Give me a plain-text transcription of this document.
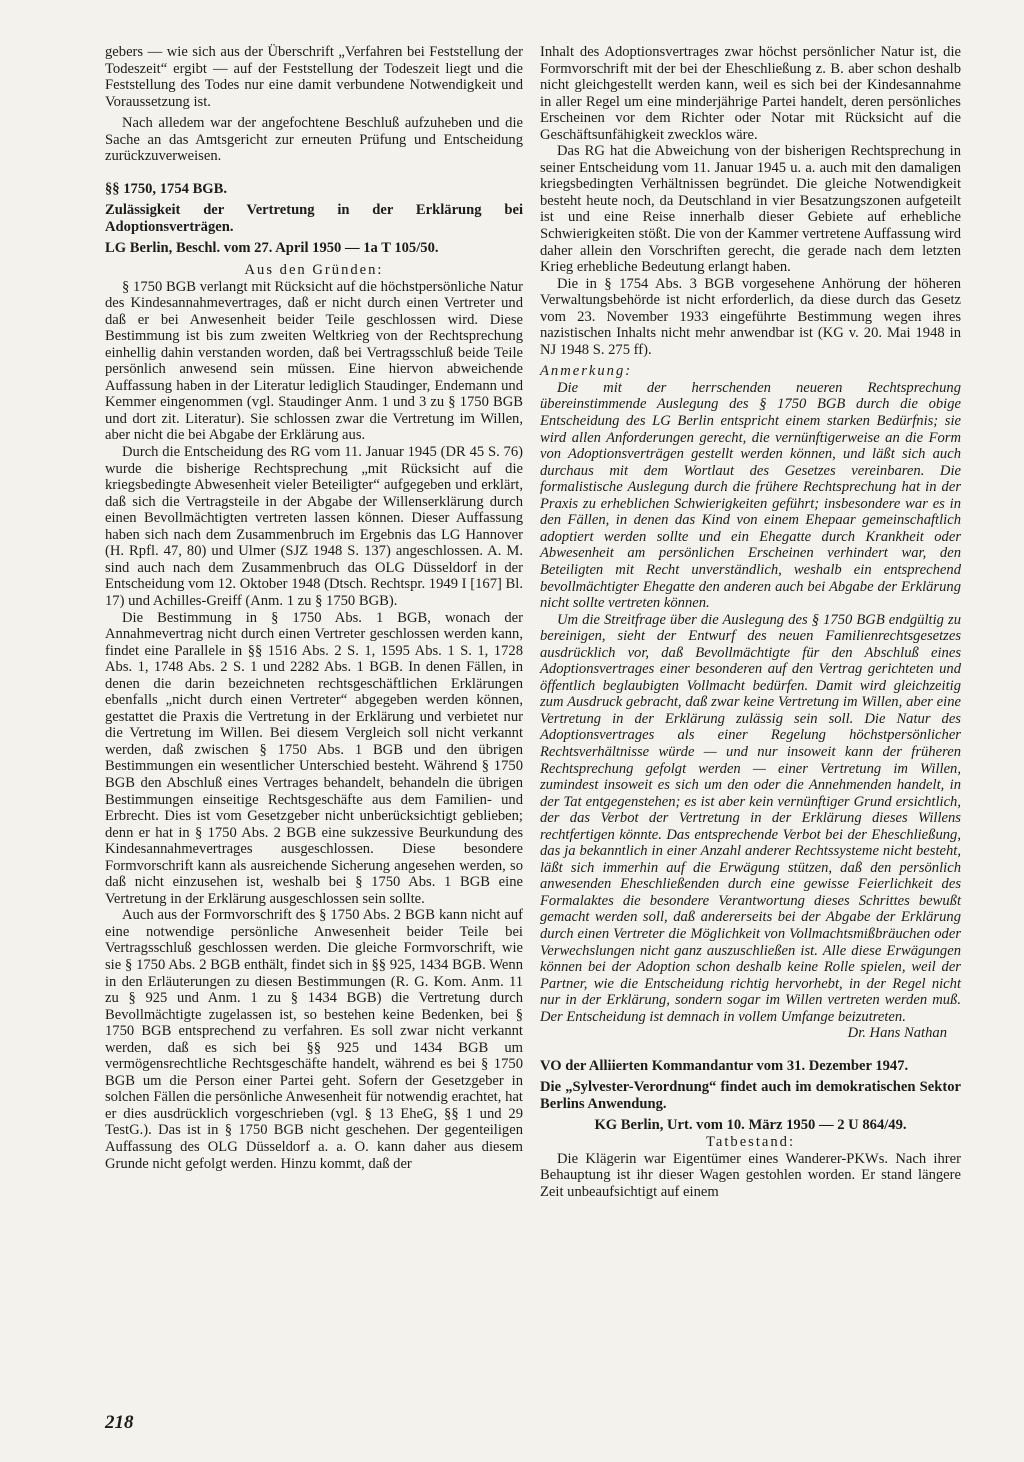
gebers — wie sich aus der Überschrift „Verfahren bei Feststellung der Todeszeit“ ergibt — auf der Feststellung der Todeszeit liegt und die Feststellung des Todes nur eine damit verbundene Notwendigkeit und Voraussetzung ist.

Nach alledem war der angefochtene Beschluß aufzuheben und die Sache an das Amtsgericht zur erneuten Prüfung und Entscheidung zurückzuverweisen.

§§ 1750, 1754 BGB.

Zulässigkeit der Vertretung in der Erklärung bei Adoptionsverträgen.

LG Berlin, Beschl. vom 27. April 1950 — 1a T 105/50.

Aus den Gründen:

§ 1750 BGB verlangt mit Rücksicht auf die höchstpersönliche Natur des Kindesannahmevertrages, daß er nicht durch einen Vertreter und daß er bei Anwesenheit beider Teile geschlossen wird. Diese Bestimmung ist bis zum zweiten Weltkrieg von der Rechtsprechung einhellig dahin verstanden worden, daß bei Vertragsschluß beide Teile persönlich anwesend sein müssen. Eine hiervon abweichende Auffassung haben in der Literatur lediglich Staudinger, Endemann und Kemmer eingenommen (vgl. Staudinger Anm. 1 und 3 zu § 1750 BGB und dort zit. Literatur). Sie schlossen zwar die Vertretung im Willen, aber nicht die bei Abgabe der Erklärung aus.

Durch die Entscheidung des RG vom 11. Januar 1945 (DR 45 S. 76) wurde die bisherige Rechtsprechung „mit Rücksicht auf die kriegsbedingte Abwesenheit vieler Beteiligter“ aufgegeben und erklärt, daß sich die Vertragsteile in der Abgabe der Willenserklärung durch einen Bevollmächtigten vertreten lassen können. Dieser Auffassung haben sich nach dem Zusammenbruch im Ergebnis das LG Hannover (H. Rpfl. 47, 80) und Ulmer (SJZ 1948 S. 137) angeschlossen. A. M. sind auch nach dem Zusammenbruch das OLG Düsseldorf in der Entscheidung vom 12. Oktober 1948 (Dtsch. Rechtspr. 1949 I [167] Bl. 17) und Achilles-Greiff (Anm. 1 zu § 1750 BGB).

Die Bestimmung in § 1750 Abs. 1 BGB, wonach der Annahmevertrag nicht durch einen Vertreter geschlossen werden kann, findet eine Parallele in §§ 1516 Abs. 2 S. 1, 1595 Abs. 1 S. 1, 1728 Abs. 1, 1748 Abs. 2 S. 1 und 2282 Abs. 1 BGB. In denen Fällen, in denen die darin bezeichneten rechtsgeschäftlichen Erklärungen ebenfalls „nicht durch einen Vertreter“ abgegeben werden können, gestattet die Praxis die Vertretung in der Erklärung und verbietet nur die Vertretung im Willen. Bei diesem Vergleich soll nicht verkannt werden, daß zwischen § 1750 Abs. 1 BGB und den übrigen Bestimmungen ein wesentlicher Unterschied besteht. Während § 1750 BGB den Abschluß eines Vertrages behandelt, behandeln die übrigen Bestimmungen einseitige Rechtsgeschäfte aus dem Familien- und Erbrecht. Dies ist vom Gesetzgeber nicht unberücksichtigt geblieben; denn er hat in § 1750 Abs. 2 BGB eine sukzessive Beurkundung des Kindesannahmevertrages ausgeschlossen. Diese besondere Formvorschrift kann als ausreichende Sicherung angesehen werden, so daß nicht einzusehen ist, weshalb bei § 1750 Abs. 1 BGB eine Vertretung in der Erklärung ausgeschlossen sein sollte.

Auch aus der Formvorschrift des § 1750 Abs. 2 BGB kann nicht auf eine notwendige persönliche Anwesenheit beider Teile bei Vertragsschluß geschlossen werden. Die gleiche Formvorschrift, wie sie § 1750 Abs. 2 BGB enthält, findet sich in §§ 925, 1434 BGB. Wenn in den Erläuterungen zu diesen Bestimmungen (R. G. Kom. Anm. 11 zu § 925 und Anm. 1 zu § 1434 BGB) die Vertretung durch Bevollmächtigte zugelassen ist, so bestehen keine Bedenken, bei § 1750 BGB entsprechend zu verfahren. Es soll zwar nicht verkannt werden, daß es sich bei §§ 925 und 1434 BGB um vermögensrechtliche Rechtsgeschäfte handelt, während es bei § 1750 BGB um die Person einer Partei geht. Sofern der Gesetzgeber in solchen Fällen die persönliche Anwesenheit für notwendig erachtet, hat er dies ausdrücklich vorgeschrieben (vgl. § 13 EheG, §§ 1 und 29 TestG.). Das ist in § 1750 BGB nicht geschehen. Der gegenteiligen Auffassung des OLG Düsseldorf a. a. O. kann daher aus diesem Grunde nicht gefolgt werden. Hinzu kommt, daß der

Inhalt des Adoptionsvertrages zwar höchst persönlicher Natur ist, die Formvorschrift mit der bei der Eheschließung z. B. aber schon deshalb nicht gleichgestellt werden kann, weil es sich bei der Kindesannahme in aller Regel um eine minderjährige Partei handelt, deren persönliches Erscheinen vor dem Richter oder Notar mit Rücksicht auf die Geschäftsunfähigkeit zwecklos wäre.

Das RG hat die Abweichung von der bisherigen Rechtsprechung in seiner Entscheidung vom 11. Januar 1945 u. a. auch mit den damaligen kriegsbedingten Verhältnissen begründet. Die gleiche Notwendigkeit besteht heute noch, da Deutschland in vier Besatzungszonen aufgeteilt ist und eine Reise innerhalb dieser Gebiete auf erhebliche Schwierigkeiten stößt. Die von der Kammer vertretene Auffassung wird daher allein den Vorschriften gerecht, die gerade nach dem letzten Krieg erhebliche Bedeutung erlangt haben.

Die in § 1754 Abs. 3 BGB vorgesehene Anhörung der höheren Verwaltungsbehörde ist nicht erforderlich, da diese durch das Gesetz vom 23. November 1933 eingeführte Bestimmung wegen ihres nazistischen Inhalts nicht mehr anwendbar ist (KG v. 20. Mai 1948 in NJ 1948 S. 275 ff).

Anmerkung:

Die mit der herrschenden neueren Rechtsprechung übereinstimmende Auslegung des § 1750 BGB durch die obige Entscheidung des LG Berlin entspricht einem starken Bedürfnis; sie wird allen Anforderungen gerecht, die vernünftigerweise an die Form von Adoptionsverträgen gestellt werden können, und läßt sich auch durchaus mit dem Wortlaut des Gesetzes vereinbaren. Die formalistische Auslegung durch die frühere Rechtsprechung hat in der Praxis zu erheblichen Schwierigkeiten geführt; insbesondere war es in den Fällen, in denen das Kind von einem Ehepaar gemeinschaftlich adoptiert werden sollte und ein Ehegatte durch Krankheit oder Abwesenheit am persönlichen Erscheinen verhindert war, den Beteiligten mit Recht unverständlich, weshalb ein entsprechend bevollmächtigter Ehegatte den anderen auch bei Abgabe der Erklärung nicht sollte vertreten können.

Um die Streitfrage über die Auslegung des § 1750 BGB endgültig zu bereinigen, sieht der Entwurf des neuen Familienrechtsgesetzes ausdrücklich vor, daß Bevollmächtigte für den Abschluß eines Adoptionsvertrages einer besonderen auf den Vertrag gerichteten und öffentlich beglaubigten Vollmacht bedürfen. Damit wird gleichzeitig zum Ausdruck gebracht, daß zwar keine Vertretung im Willen, aber eine Vertretung in der Erklärung zulässig sein soll. Die Natur des Adoptionsvertrages als einer Regelung höchstpersönlicher Rechtsverhältnisse würde — und nur insoweit kann der früheren Rechtsprechung gefolgt werden — einer Vertretung im Willen, zumindest insoweit es sich um den oder die Annehmenden handelt, in der Tat entgegenstehen; es ist aber kein vernünftiger Grund ersichtlich, der das Verbot der Vertretung in der Erklärung dieses Willens rechtfertigen könnte. Das entsprechende Verbot bei der Eheschließung, das ja bekanntlich in einer Anzahl anderer Rechtssysteme nicht besteht, läßt sich immerhin auf die Erwägung stützen, daß den persönlich anwesenden Eheschließenden durch eine gewisse Feierlichkeit des Formalaktes die besondere Verantwortung dieses Schrittes bewußt gemacht werden soll, daß andererseits bei der Abgabe der Erklärung durch einen Vertreter die Möglichkeit von Vollmachtsmißbräuchen oder Verwechslungen nicht ganz auszuschließen ist. Alle diese Erwägungen können bei der Adoption schon deshalb keine Rolle spielen, weil der Partner, wie die Entscheidung richtig hervorhebt, in der Regel nicht nur in der Erklärung, sondern sogar im Willen vertreten werden muß. Der Entscheidung ist demnach in vollem Umfange beizutreten.

Dr. Hans Nathan

VO der Alliierten Kommandantur vom 31. Dezember 1947.

Die „Sylvester-Verordnung“ findet auch im demokratischen Sektor Berlins Anwendung.

KG Berlin, Urt. vom 10. März 1950 — 2 U 864/49.

Tatbestand:

Die Klägerin war Eigentümer eines Wanderer-PKWs. Nach ihrer Behauptung ist ihr dieser Wagen gestohlen worden. Er stand längere Zeit unbeaufsichtigt auf einem

218
